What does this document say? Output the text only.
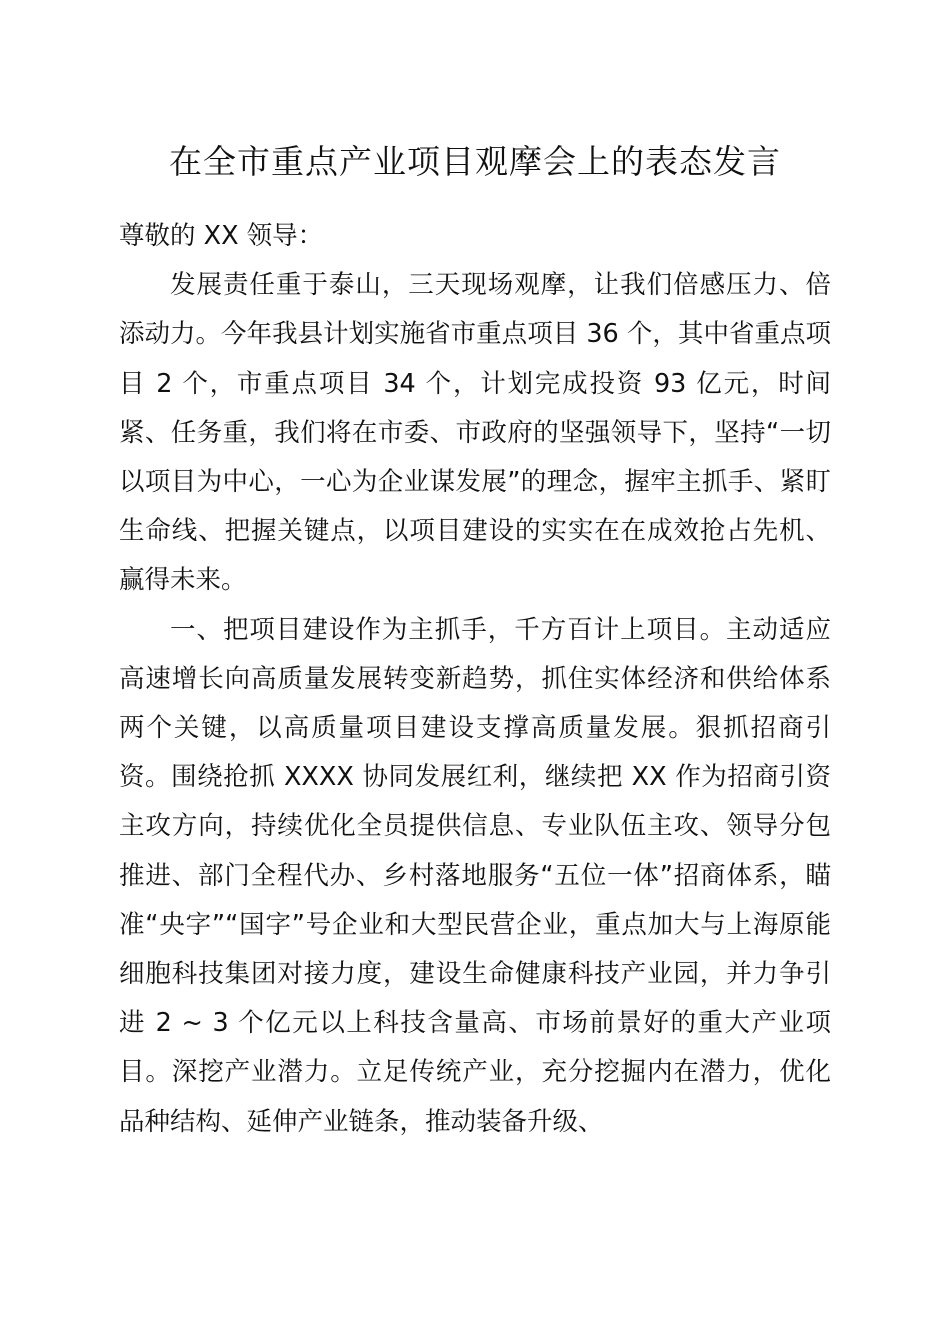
在全市重点产业项目观摩会上的表态发言

尊敬的 XX 领导：

发展责任重于泰山，三天现场观摩，让我们倍感压力、倍添动力。今年我县计划实施省市重点项目 36 个，其中省重点项目 2 个，市重点项目 34 个，计划完成投资 93 亿元，时间紧、任务重，我们将在市委、市政府的坚强领导下，坚持“一切以项目为中心，一心为企业谋发展”的理念，握牢主抓手、紧盯生命线、把握关键点，以项目建设的实实在在成效抢占先机、赢得未来。

一、把项目建设作为主抓手，千方百计上项目。主动适应高速增长向高质量发展转变新趋势，抓住实体经济和供给体系两个关键，以高质量项目建设支撑高质量发展。狠抓招商引资。围绕抢抓 XXXX 协同发展红利，继续把 XX 作为招商引资主攻方向，持续优化全员提供信息、专业队伍主攻、领导分包推进、部门全程代办、乡村落地服务“五位一体”招商体系，瞄准“央字”“国字”号企业和大型民营企业，重点加大与上海原能细胞科技集团对接力度，建设生命健康科技产业园，并力争引进 2 ~ 3 个亿元以上科技含量高、市场前景好的重大产业项目。深挖产业潜力。立足传统产业，充分挖掘内在潜力，优化品种结构、延伸产业链条，推动装备升级、
